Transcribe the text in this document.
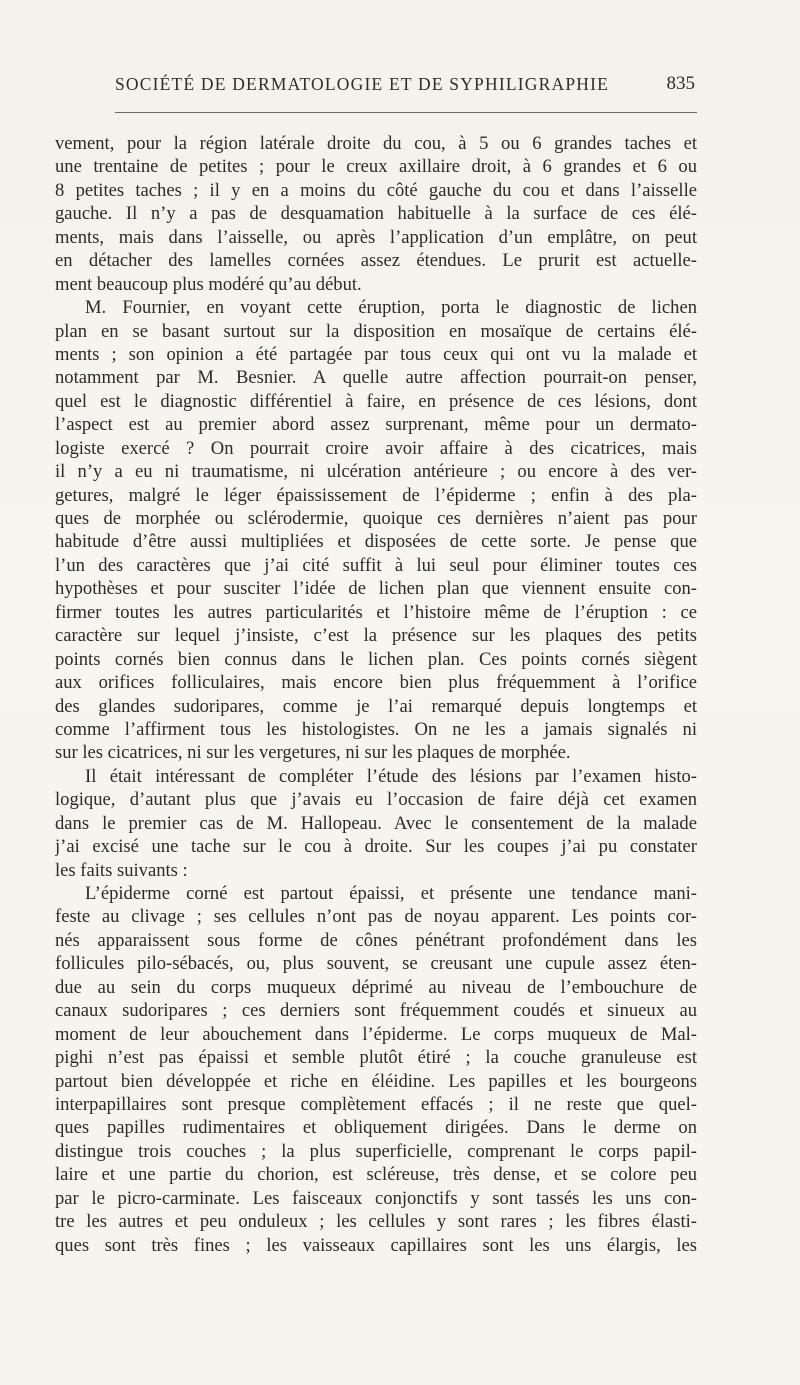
SOCIÉTÉ DE DERMATOLOGIE ET DE SYPHILIGRAPHIE	835
vement, pour la région latérale droite du cou, à 5 ou 6 grandes taches et
une trentaine de petites ; pour le creux axillaire droit, à 6 grandes et 6 ou
8 petites taches ; il y en a moins du côté gauche du cou et dans l’aisselle
gauche. Il n’y a pas de desquamation habituelle à la surface de ces élé-
ments, mais dans l’aisselle, ou après l’application d’un emplâtre, on peut
en détacher des lamelles cornées assez étendues. Le prurit est actuelle-
ment beaucoup plus modéré qu’au début.
M. Fournier, en voyant cette éruption, porta le diagnostic de lichen
plan en se basant surtout sur la disposition en mosaïque de certains élé-
ments ; son opinion a été partagée par tous ceux qui ont vu la malade et
notamment par M. Besnier. A quelle autre affection pourrait-on penser,
quel est le diagnostic différentiel à faire, en présence de ces lésions, dont
l’aspect est au premier abord assez surprenant, même pour un dermato-
logiste exercé ? On pourrait croire avoir affaire à des cicatrices, mais
il n’y a eu ni traumatisme, ni ulcération antérieure ; ou encore à des ver-
getures, malgré le léger épaississement de l’épiderme ; enfin à des pla-
ques de morphée ou sclérodermie, quoique ces dernières n’aient pas pour
habitude d’être aussi multipliées et disposées de cette sorte. Je pense que
l’un des caractères que j’ai cité suffit à lui seul pour éliminer toutes ces
hypothèses et pour susciter l’idée de lichen plan que viennent ensuite con-
firmer toutes les autres particularités et l’histoire même de l’éruption : ce
caractère sur lequel j’insiste, c’est la présence sur les plaques des petits
points cornés bien connus dans le lichen plan. Ces points cornés siègent
aux orifices folliculaires, mais encore bien plus fréquemment à l’orifice
des glandes sudoripares, comme je l’ai remarqué depuis longtemps et
comme l’affirment tous les histologistes. On ne les a jamais signalés ni
sur les cicatrices, ni sur les vergetures, ni sur les plaques de morphée.
Il était intéressant de compléter l’étude des lésions par l’examen histo-
logique, d’autant plus que j’avais eu l’occasion de faire déjà cet examen
dans le premier cas de M. Hallopeau. Avec le consentement de la malade
j’ai excisé une tache sur le cou à droite. Sur les coupes j’ai pu constater
les faits suivants :
L’épiderme corné est partout épaissi, et présente une tendance mani-
feste au clivage ; ses cellules n’ont pas de noyau apparent. Les points cor-
nés apparaissent sous forme de cônes pénétrant profondément dans les
follicules pilo-sébacés, ou, plus souvent, se creusant une cupule assez éten-
due au sein du corps muqueux déprimé au niveau de l’embouchure de
canaux sudoripares ; ces derniers sont fréquemment coudés et sinueux au
moment de leur abouchement dans l’épiderme. Le corps muqueux de Mal-
pighi n’est pas épaissi et semble plutôt étiré ; la couche granuleuse est
partout bien développée et riche en éléidine. Les papilles et les bourgeons
interpapillaires sont presque complètement effacés ; il ne reste que quel-
ques papilles rudimentaires et obliquement dirigées. Dans le derme on
distingue trois couches ; la plus superficielle, comprenant le corps papil-
laire et une partie du chorion, est scléreuse, très dense, et se colore peu
par le picro-carminate. Les faisceaux conjonctifs y sont tassés les uns con-
tre les autres et peu onduleux ; les cellules y sont rares ; les fibres élasti-
ques sont très fines ; les vaisseaux capillaires sont les uns élargis, les
